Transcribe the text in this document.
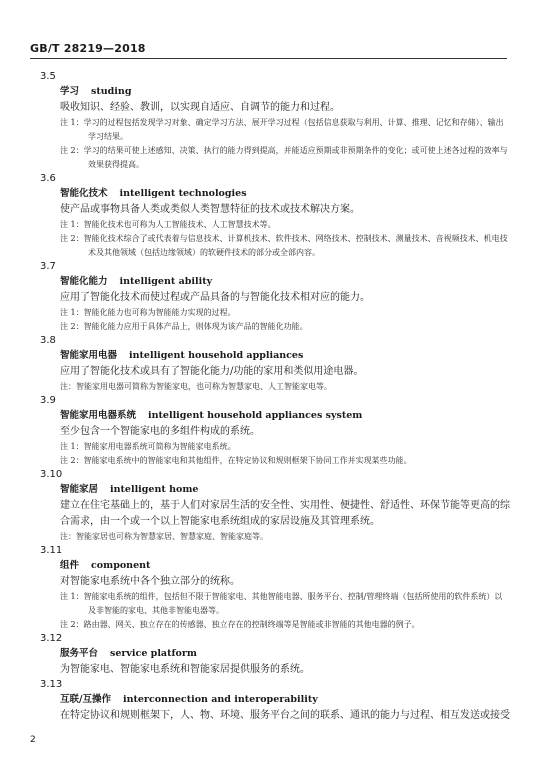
GB/T 28219—2018
3.5
学习 studing
吸收知识、经验、教训，以实现自适应、自调节的能力和过程。
注 1：学习的过程包括发现学习对象、确定学习方法、展开学习过程（包括信息获取与利用、计算、推理、记忆和存储）、输出学习结果。
注 2：学习的结果可使上述感知、决策、执行的能力得到提高，并能适应预期或非预期条件的变化；或可使上述各过程的效率与效果获得提高。
3.6
智能化技术 intelligent technologies
使产品或事物具备人类或类似人类智慧特征的技术或技术解决方案。
注 1：智能化技术也可称为人工智能技术、人工智慧技术等。
注 2：智能化技术综合了或代表着与信息技术、计算机技术、软件技术、网络技术、控制技术、测量技术、音视频技术、机电技术及其他领域（包括边缘领域）的软硬件技术的部分或全部内容。
3.7
智能化能力 intelligent ability
应用了智能化技术而使过程或产品具备的与智能化技术相对应的能力。
注 1：智能化能力也可称为智能能力实现的过程。
注 2：智能化能力应用于具体产品上，则体现为该产品的智能化功能。
3.8
智能家用电器 intelligent household appliances
应用了智能化技术或具有了智能化能力/功能的家用和类似用途电器。
注：智能家用电器可简称为智能家电，也可称为智慧家电、人工智能家电等。
3.9
智能家用电器系统 intelligent household appliances system
至少包含一个智能家电的多组件构成的系统。
注 1：智能家用电器系统可简称为智能家电系统。
注 2：智能家电系统中的智能家电和其他组件，在特定协议和规则框架下协同工作并实现某些功能。
3.10
智能家居 intelligent home
建立在住宅基础上的，基于人们对家居生活的安全性、实用性、便捷性、舒适性、环保节能等更高的综合需求，由一个或一个以上智能家电系统组成的家居设施及其管理系统。
注：智能家居也可称为智慧家居、智慧家庭、智能家庭等。
3.11
组件 component
对智能家电系统中各个独立部分的统称。
注 1：智能家电系统的组件，包括但不限于智能家电、其他智能电器、服务平台、控制/管理终端（包括所使用的软件系统）以及非智能的家电、其他非智能电器等。
注 2：路由器、网关、独立存在的传感器、独立存在的控制终端等是智能或非智能的其他电器的例子。
3.12
服务平台 service platform
为智能家电、智能家电系统和智能家居提供服务的系统。
3.13
互联/互操作 interconnection and interoperability
在特定协议和规则框架下，人、物、环境、服务平台之间的联系、通讯的能力与过程、相互发送或接受
2
